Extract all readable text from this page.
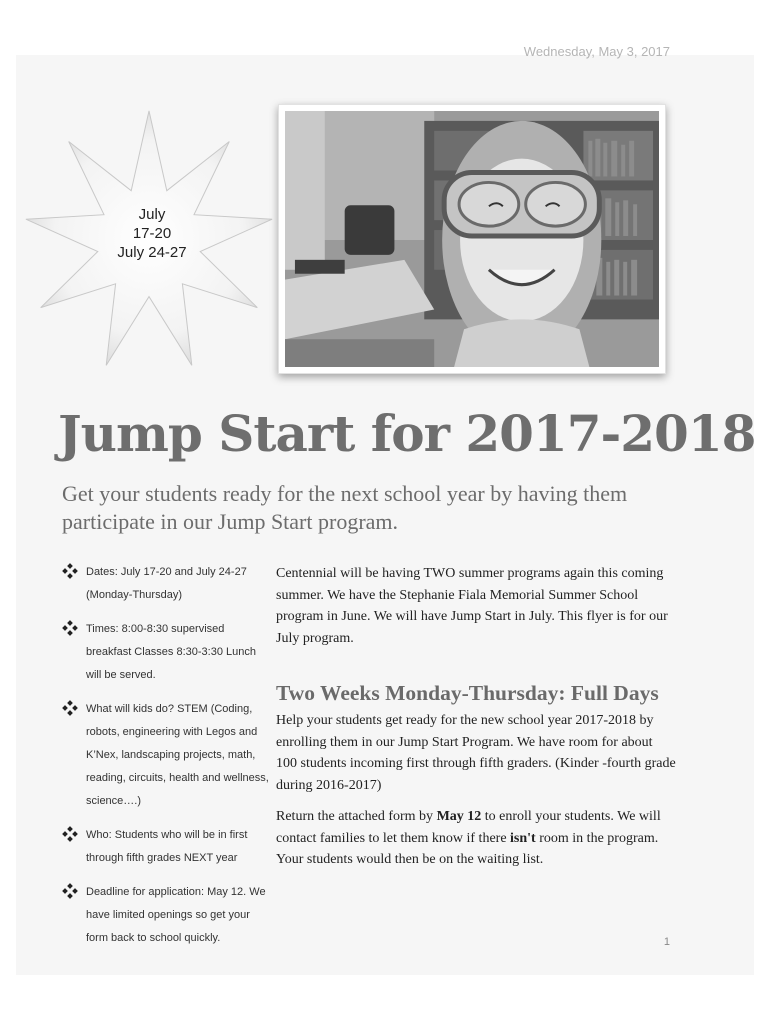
Wednesday, May 3, 2017
July
17-20
July 24-27
Jump Start for 2017-2018

Get your students ready for the next school year by having them participate in our Jump Start program.

Dates: July 17-20 and July 24-27 (Monday-Thursday)
Times: 8:00-8:30 supervised breakfast Classes 8:30-3:30 Lunch will be served.
What will kids do? STEM (Coding, robots, engineering with Legos and K’Nex, landscaping projects, math, reading, circuits, health and wellness, science….)
Who: Students who will be in first through fifth grades NEXT year
Deadline for application: May 12. We have limited openings so get your form back to school quickly.

Centennial will be having TWO summer programs again this coming summer. We have the Stephanie Fiala Memorial Summer School program in June. We will have Jump Start in July. This flyer is for our July program.

Two Weeks Monday-Thursday: Full Days

Help your students get ready for the new school year 2017-2018 by enrolling them in our Jump Start Program. We have room for about 100 students incoming first through fifth graders. (Kinder -fourth grade during 2016-2017)

Return the attached form by May 12 to enroll your students. We will contact families to let them know if there isn't room in the program. Your students would then be on the waiting list.

1
